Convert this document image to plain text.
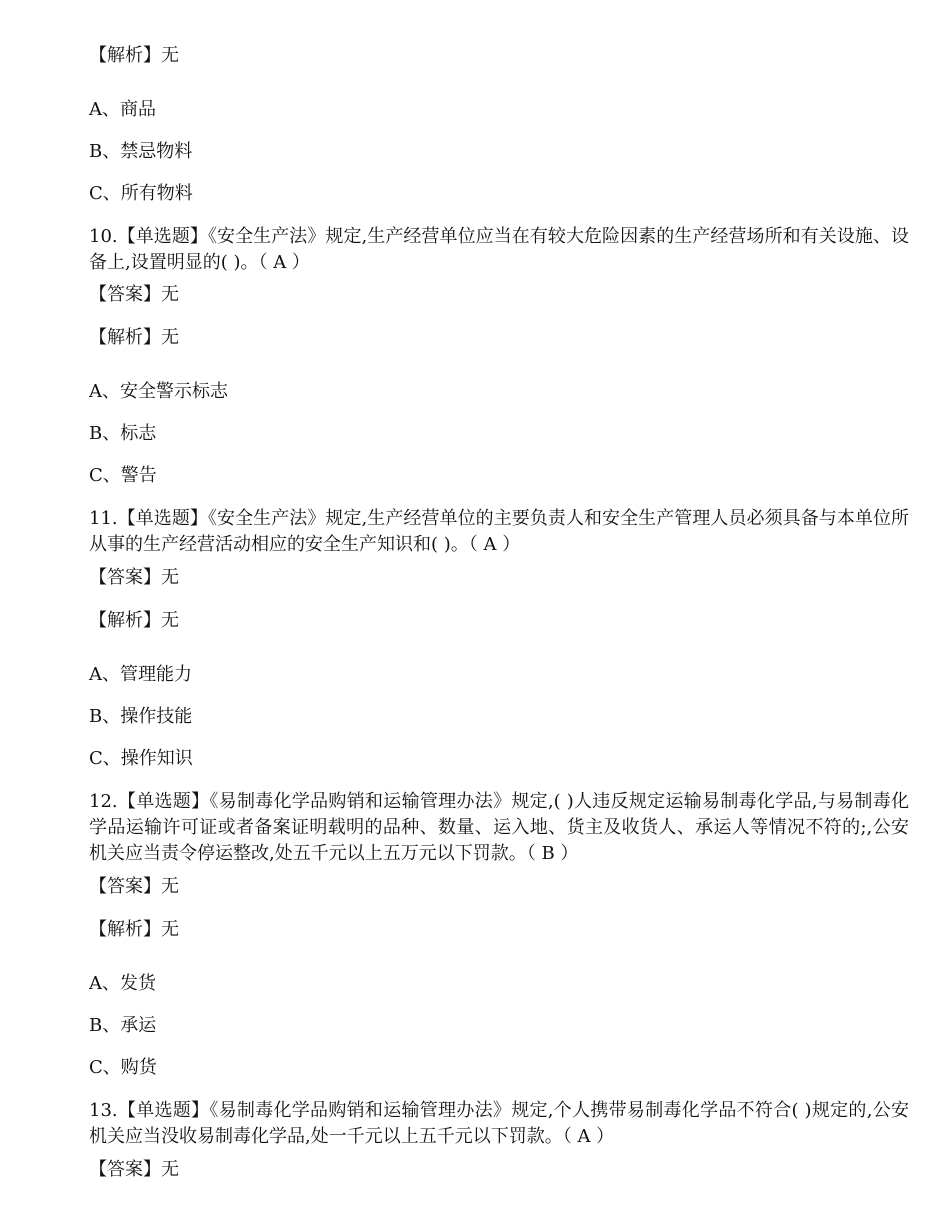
【解析】无
A、商品
B、禁忌物料
C、所有物料
10.【单选题】《安全生产法》规定,生产经营单位应当在有较大危险因素的生产经营场所和有关设施、设备上,设置明显的( )。（ A ）
【答案】无
【解析】无
A、安全警示标志
B、标志
C、警告
11.【单选题】《安全生产法》规定,生产经营单位的主要负责人和安全生产管理人员必须具备与本单位所从事的生产经营活动相应的安全生产知识和( )。（ A ）
【答案】无
【解析】无
A、管理能力
B、操作技能
C、操作知识
12.【单选题】《易制毒化学品购销和运输管理办法》规定,( )人违反规定运输易制毒化学品,与易制毒化学品运输许可证或者备案证明载明的品种、数量、运入地、货主及收货人、承运人等情况不符的;,公安机关应当责令停运整改,处五千元以上五万元以下罚款。（ B ）
【答案】无
【解析】无
A、发货
B、承运
C、购货
13.【单选题】《易制毒化学品购销和运输管理办法》规定,个人携带易制毒化学品不符合( )规定的,公安机关应当没收易制毒化学品,处一千元以上五千元以下罚款。（ A ）
【答案】无
